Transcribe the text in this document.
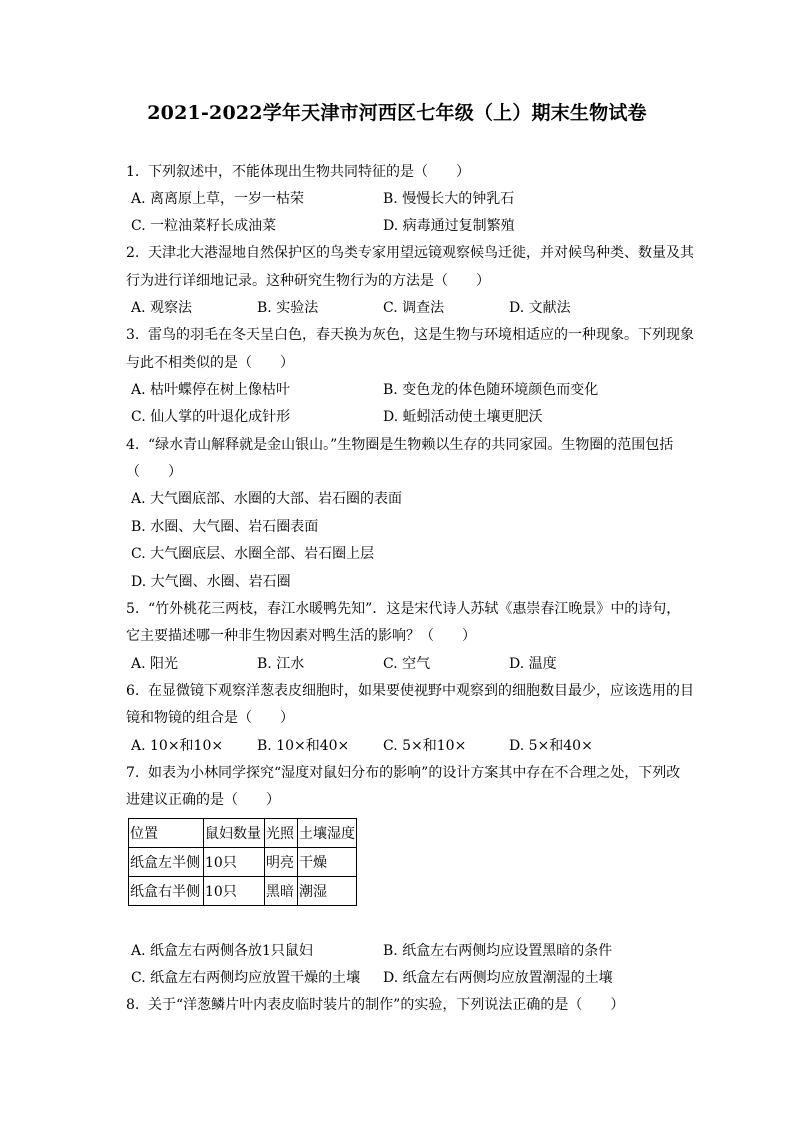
2021-2022学年天津市河西区七年级（上）期末生物试卷
1. 下列叙述中，不能体现出生物共同特征的是（　　）
A. 离离原上草，一岁一枯荣	B. 慢慢长大的钟乳石
C. 一粒油菜籽长成油菜	D. 病毒通过复制繁殖
2. 天津北大港湿地自然保护区的鸟类专家用望远镜观察候鸟迁徙，并对候鸟种类、数量及其
行为进行详细地记录。这种研究生物行为的方法是（　　）
A. 观察法	B. 实验法	C. 调查法	D. 文献法
3. 雷鸟的羽毛在冬天呈白色，春天换为灰色，这是生物与环境相适应的一种现象。下列现象
与此不相类似的是（　　）
A. 枯叶蝶停在树上像枯叶	B. 变色龙的体色随环境颜色而变化
C. 仙人掌的叶退化成针形	D. 蚯蚓活动使土壤更肥沃
4. “绿水青山解释就是金山银山。”生物圈是生物赖以生存的共同家园。生物圈的范围包括
（　　）
A. 大气圈底部、水圈的大部、岩石圈的表面
B. 水圈、大气圈、岩石圈表面
C. 大气圈底层、水圈全部、岩石圈上层
D. 大气圈、水圈、岩石圈
5. “竹外桃花三两枝，春江水暖鸭先知”．这是宋代诗人苏轼《惠崇春江晚景》中的诗句，
它主要描述哪一种非生物因素对鸭生活的影响？（　　）
A. 阳光	B. 江水	C. 空气	D. 温度
6. 在显微镜下观察洋葱表皮细胞时，如果要使视野中观察到的细胞数目最少，应该选用的目
镜和物镜的组合是（　　）
A. 10×和10× B. 10×和40× C. 5×和10×	D. 5×和40×
7. 如表为小林同学探究“湿度对鼠妇分布的影响”的设计方案其中存在不合理之处，下列改
进建议正确的是（　　）
位置	鼠妇数量	光照	土壤湿度
纸盒左半侧	10只	明亮	干燥
纸盒右半侧	10只	黑暗	潮湿
A. 纸盒左右两侧各放1只鼠妇	B. 纸盒左右两侧均应设置黑暗的条件
C. 纸盒左右两侧均应放置干燥的土壤 D. 纸盒左右两侧均应放置潮湿的土壤
8. 关于“洋葱鳞片叶内表皮临时装片的制作”的实验，下列说法正确的是（　　）
